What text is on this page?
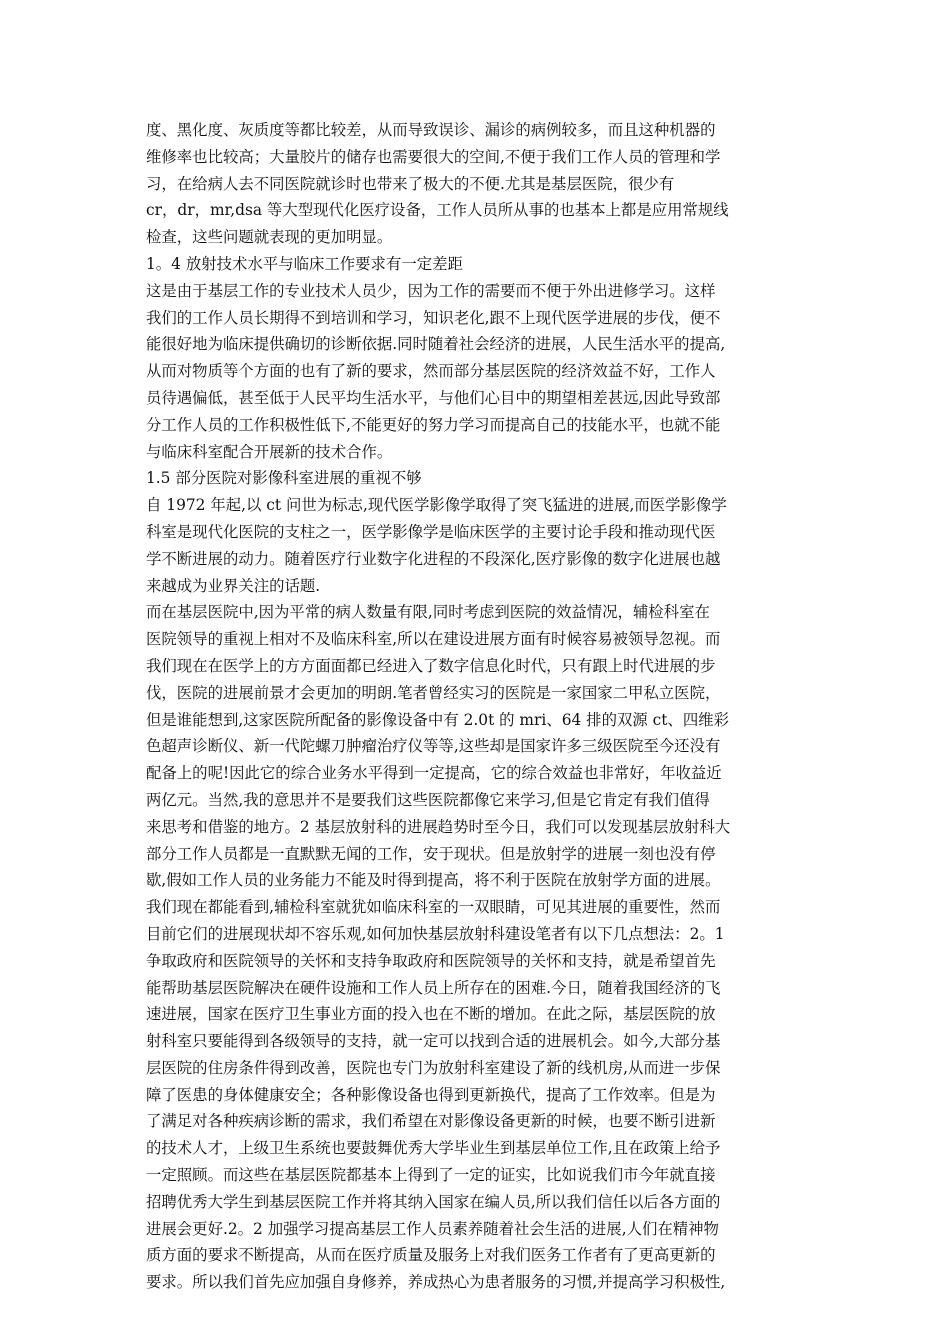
度、黑化度、灰质度等都比较差，从而导致误诊、漏诊的病例较多，而且这种机器的
维修率也比较高；大量胶片的储存也需要很大的空间,不便于我们工作人员的管理和学
习，在给病人去不同医院就诊时也带来了极大的不便.尤其是基层医院，很少有
cr，dr，mr,dsa 等大型现代化医疗设备，工作人员所从事的也基本上都是应用常规线
检查，这些问题就表现的更加明显。
1。4 放射技术水平与临床工作要求有一定差距
这是由于基层工作的专业技术人员少，因为工作的需要而不便于外出进修学习。这样
我们的工作人员长期得不到培训和学习，知识老化,跟不上现代医学进展的步伐，便不
能很好地为临床提供确切的诊断依据.同时随着社会经济的进展，人民生活水平的提高,
从而对物质等个方面的也有了新的要求，然而部分基层医院的经济效益不好，工作人
员待遇偏低，甚至低于人民平均生活水平，与他们心目中的期望相差甚远,因此导致部
分工作人员的工作积极性低下,不能更好的努力学习而提高自己的技能水平，也就不能
与临床科室配合开展新的技术合作。
1.5 部分医院对影像科室进展的重视不够
自 1972 年起,以 ct 问世为标志,现代医学影像学取得了突飞猛进的进展,而医学影像学
科室是现代化医院的支柱之一，医学影像学是临床医学的主要讨论手段和推动现代医
学不断进展的动力。随着医疗行业数字化进程的不段深化,医疗影像的数字化进展也越
来越成为业界关注的话题.
而在基层医院中,因为平常的病人数量有限,同时考虑到医院的效益情况，辅检科室在
医院领导的重视上相对不及临床科室,所以在建设进展方面有时候容易被领导忽视。而
我们现在在医学上的方方面面都已经进入了数字信息化时代，只有跟上时代进展的步
伐，医院的进展前景才会更加的明朗.笔者曾经实习的医院是一家国家二甲私立医院，
但是谁能想到,这家医院所配备的影像设备中有 2.0t 的 mri、64 排的双源 ct、四维彩
色超声诊断仪、新一代陀螺刀肿瘤治疗仪等等,这些却是国家许多三级医院至今还没有
配备上的呢!因此它的综合业务水平得到一定提高，它的综合效益也非常好，年收益近
两亿元。当然,我的意思并不是要我们这些医院都像它来学习,但是它肯定有我们值得
来思考和借鉴的地方。2 基层放射科的进展趋势时至今日，我们可以发现基层放射科大
部分工作人员都是一直默默无闻的工作，安于现状。但是放射学的进展一刻也没有停
歇,假如工作人员的业务能力不能及时得到提高，将不利于医院在放射学方面的进展。
我们现在都能看到,辅检科室就犹如临床科室的一双眼睛，可见其进展的重要性，然而
目前它们的进展现状却不容乐观,如何加快基层放射科建设笔者有以下几点想法：2。1
争取政府和医院领导的关怀和支持争取政府和医院领导的关怀和支持，就是希望首先
能帮助基层医院解决在硬件设施和工作人员上所存在的困难.今日，随着我国经济的飞
速进展，国家在医疗卫生事业方面的投入也在不断的增加。在此之际，基层医院的放
射科室只要能得到各级领导的支持，就一定可以找到合适的进展机会。如今,大部分基
层医院的住房条件得到改善，医院也专门为放射科室建设了新的线机房,从而进一步保
障了医患的身体健康安全；各种影像设备也得到更新换代，提高了工作效率。但是为
了满足对各种疾病诊断的需求，我们希望在对影像设备更新的时候，也要不断引进新
的技术人才，上级卫生系统也要鼓舞优秀大学毕业生到基层单位工作,且在政策上给予
一定照顾。而这些在基层医院都基本上得到了一定的证实，比如说我们市今年就直接
招聘优秀大学生到基层医院工作并将其纳入国家在编人员,所以我们信任以后各方面的
进展会更好.2。2 加强学习提高基层工作人员素养随着社会生活的进展,人们在精神物
质方面的要求不断提高，从而在医疗质量及服务上对我们医务工作者有了更高更新的
要求。所以我们首先应加强自身修养，养成热心为患者服务的习惯,并提高学习积极性,
